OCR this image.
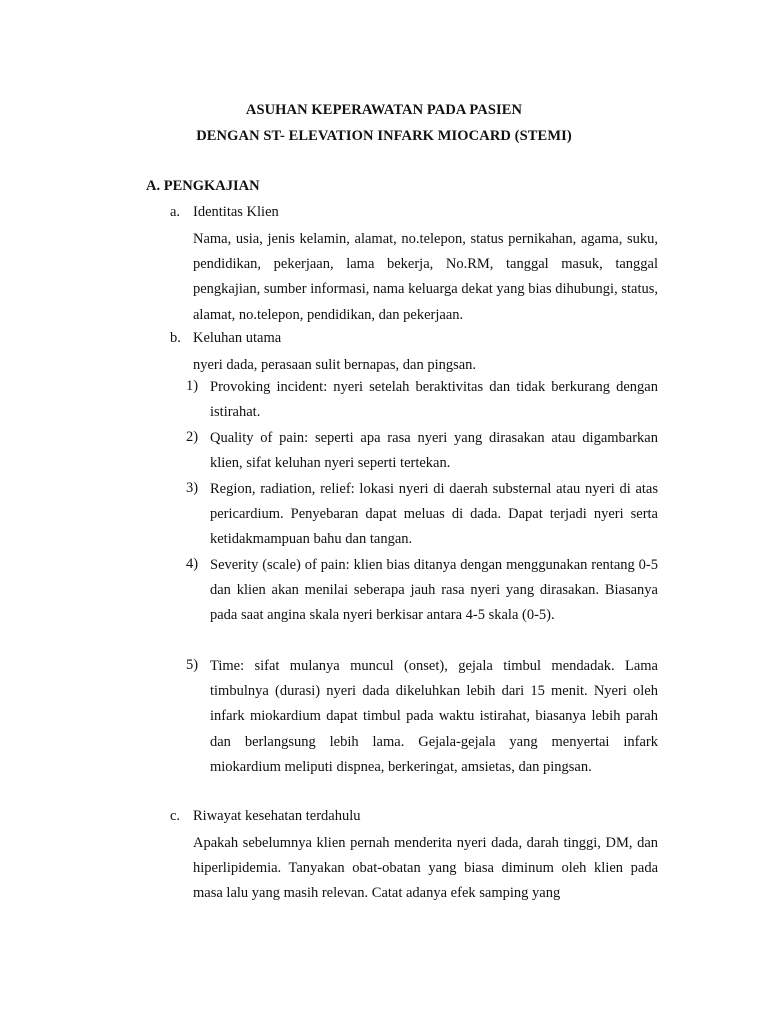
ASUHAN KEPERAWATAN PADA PASIEN
DENGAN ST- ELEVATION INFARK MIOCARD (STEMI)
A. PENGKAJIAN
a. Identitas Klien
Nama, usia, jenis kelamin, alamat, no.telepon, status pernikahan, agama, suku, pendidikan, pekerjaan, lama bekerja, No.RM, tanggal masuk, tanggal pengkajian, sumber informasi, nama keluarga dekat yang bias dihubungi, status, alamat, no.telepon, pendidikan, dan pekerjaan.
b. Keluhan utama
nyeri dada, perasaan sulit bernapas, dan pingsan.
1) Provoking incident: nyeri setelah beraktivitas dan tidak berkurang dengan istirahat.
2) Quality of pain: seperti apa rasa nyeri yang dirasakan atau digambarkan klien, sifat keluhan nyeri seperti tertekan.
3) Region, radiation, relief: lokasi nyeri di daerah substernal atau nyeri di atas pericardium. Penyebaran dapat meluas di dada. Dapat terjadi nyeri serta ketidakmampuan bahu dan tangan.
4) Severity (scale) of pain: klien bias ditanya dengan menggunakan rentang 0-5 dan klien akan menilai seberapa jauh rasa nyeri yang dirasakan. Biasanya pada saat angina skala nyeri berkisar antara 4-5 skala (0-5).
5) Time: sifat mulanya muncul (onset), gejala timbul mendadak. Lama timbulnya (durasi) nyeri dada dikeluhkan lebih dari 15 menit. Nyeri oleh infark miokardium dapat timbul pada waktu istirahat, biasanya lebih parah dan berlangsung lebih lama. Gejala-gejala yang menyertai infark miokardium meliputi dispnea, berkeringat, amsietas, dan pingsan.
c. Riwayat kesehatan terdahulu
Apakah sebelumnya klien pernah menderita nyeri dada, darah tinggi, DM, dan hiperlipidemia. Tanyakan obat-obatan yang biasa diminum oleh klien pada masa lalu yang masih relevan. Catat adanya efek samping yang
